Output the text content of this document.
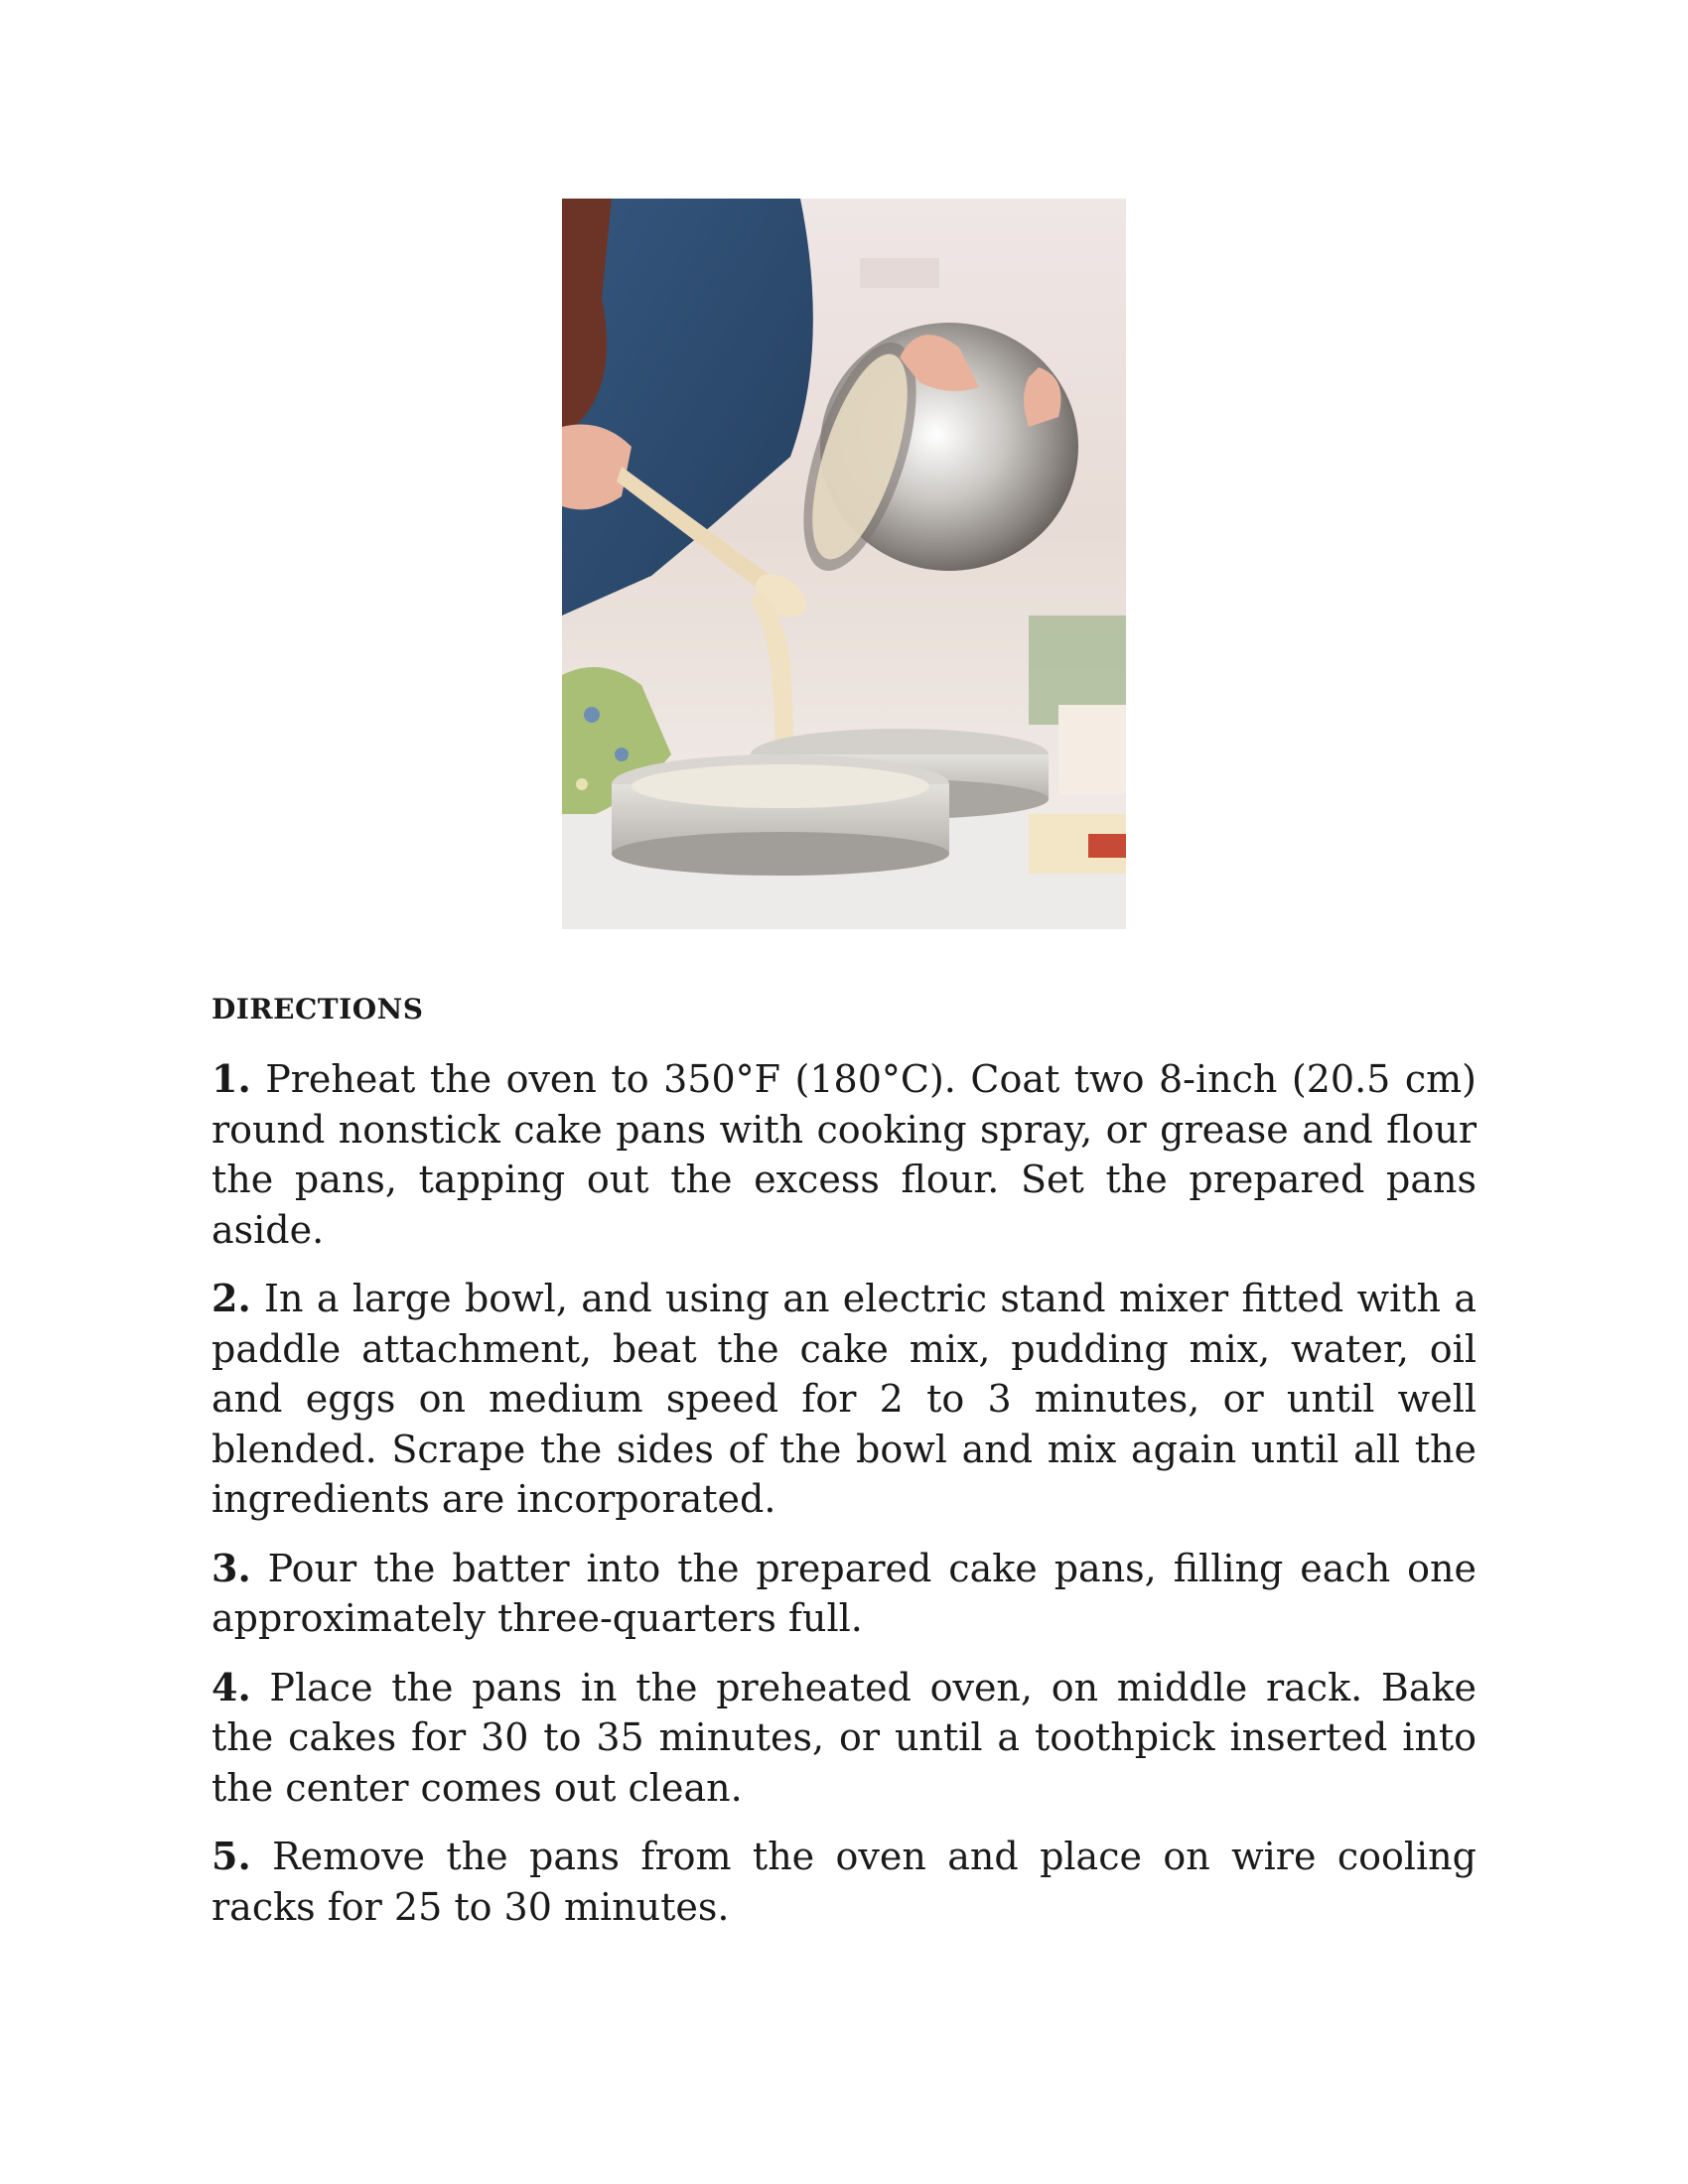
DIRECTIONS
1. Preheat the oven to 350°F (180°C). Coat two 8-inch (20.5 cm) round nonstick cake pans with cooking spray, or grease and flour the pans, tapping out the excess flour. Set the prepared pans aside.
2. In a large bowl, and using an electric stand mixer fitted with a paddle attachment, beat the cake mix, pudding mix, water, oil and eggs on medium speed for 2 to 3 minutes, or until well blended. Scrape the sides of the bowl and mix again until all the ingredients are incorporated.
3. Pour the batter into the prepared cake pans, filling each one approximately three-quarters full.
4. Place the pans in the preheated oven, on middle rack. Bake the cakes for 30 to 35 minutes, or until a toothpick inserted into the center comes out clean.
5. Remove the pans from the oven and place on wire cooling racks for 25 to 30 minutes.
